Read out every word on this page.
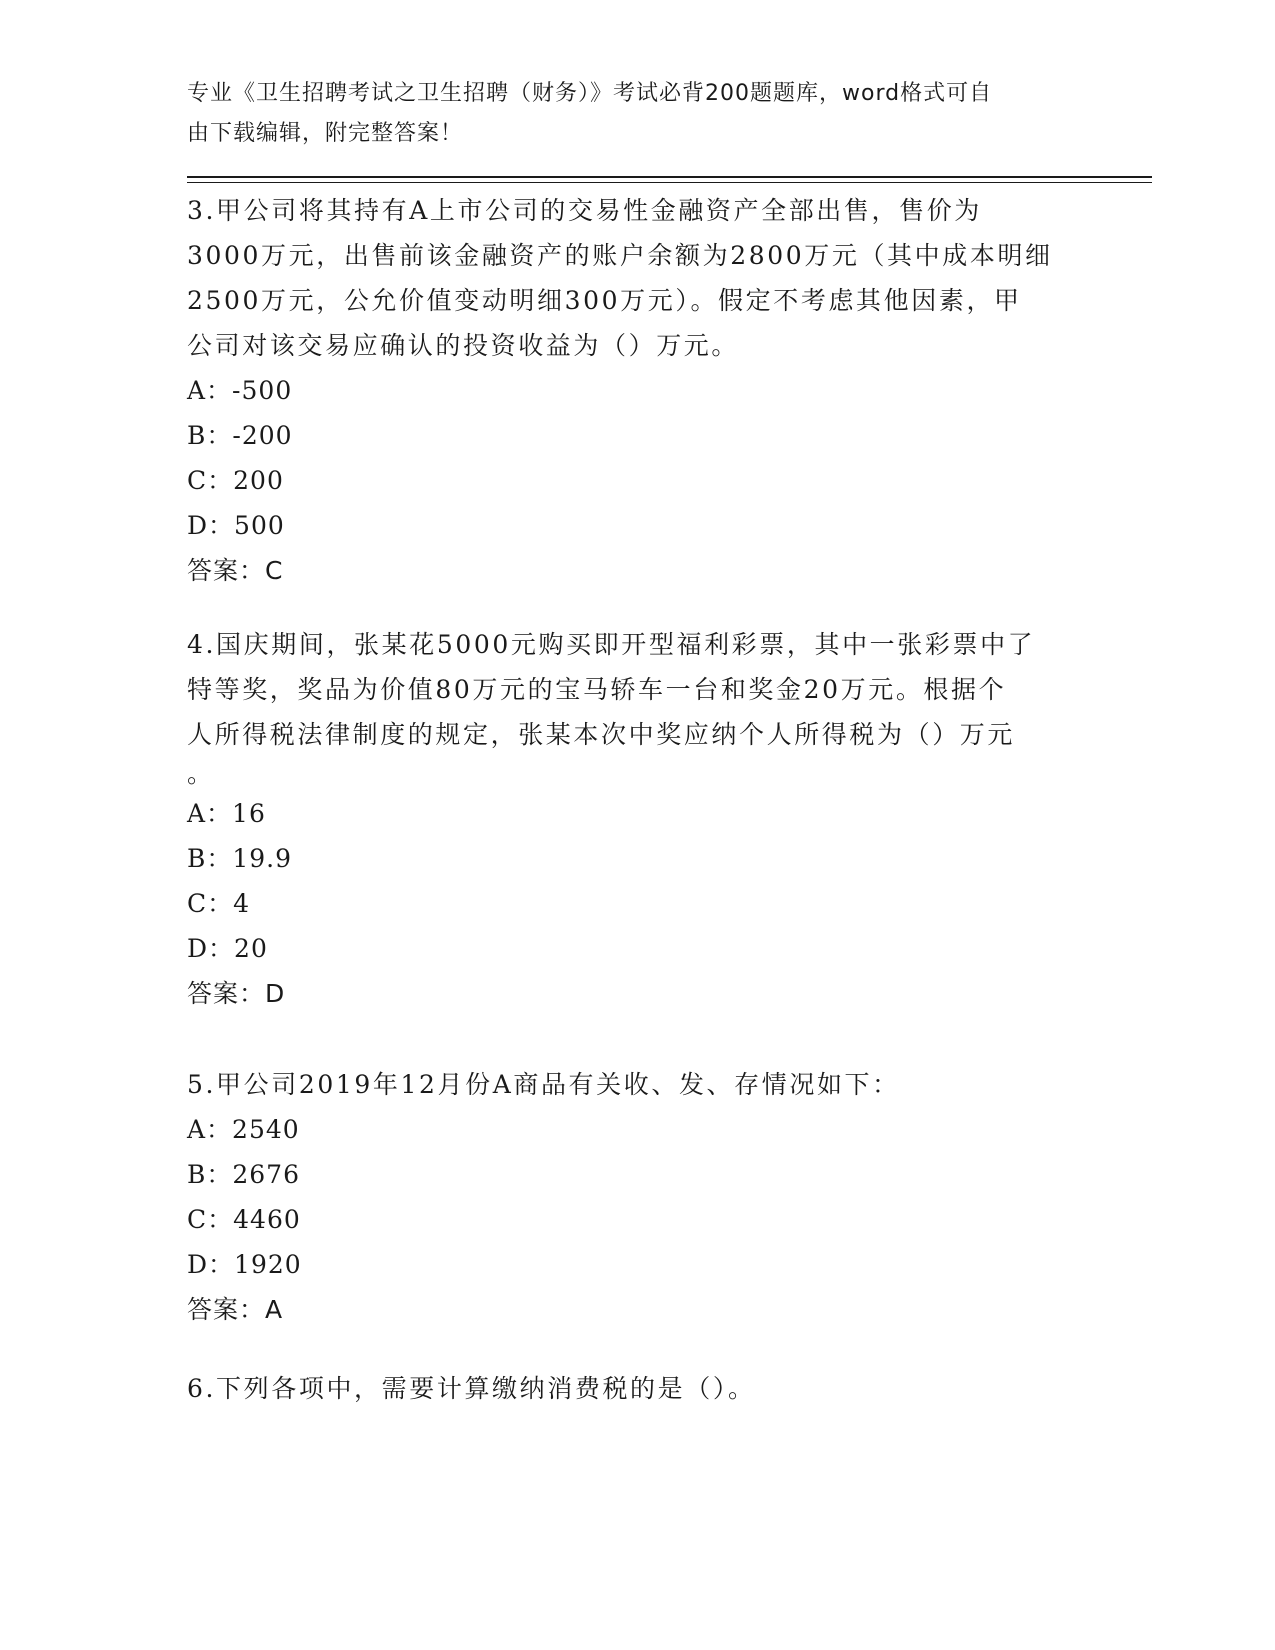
专业《卫生招聘考试之卫生招聘（财务）》考试必背200题题库，word格式可自
由下载编辑，附完整答案！

3.甲公司将其持有A上市公司的交易性金融资产全部出售，售价为

3000万元，出售前该金融资产的账户余额为2800万元（其中成本明细

2500万元，公允价值变动明细300万元）。假定不考虑其他因素，甲

公司对该交易应确认的投资收益为（）万元。

A：-500

B：-200

C：200

D：500

答案：C

4.国庆期间，张某花5000元购买即开型福利彩票，其中一张彩票中了

特等奖，奖品为价值80万元的宝马轿车一台和奖金20万元。根据个

人所得税法律制度的规定，张某本次中奖应纳个人所得税为（）万元

。

A：16

B：19.9

C：4

D：20

答案：D

5.甲公司2019年12月份A商品有关收、发、存情况如下：

A：2540

B：2676

C：4460

D：1920

答案：A

6.下列各项中，需要计算缴纳消费税的是（）。
